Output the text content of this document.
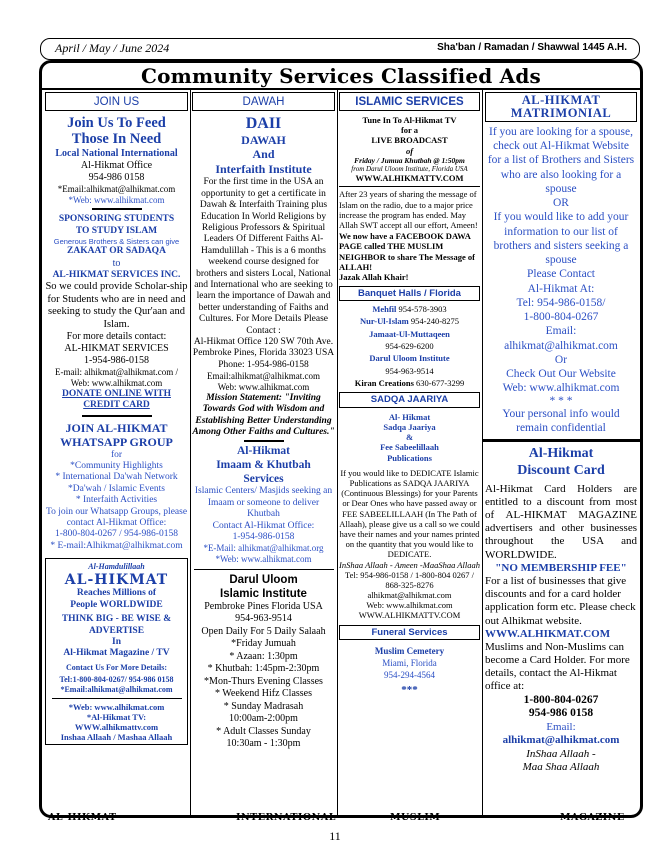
April / May / June 2024	Sha'ban / Ramadan / Shawwal 1445 A.H.
Community Services Classified Ads
JOIN US

Join Us To Feed

Those In Need

Local National International

Al-Hikmat Office

954-986 0158

*Email:alhikmat@alhikmat.com

*Web: www.alhikmat.com

SPONSORING STUDENTS

TO STUDY ISLAM

Generous Brothers & Sisters can give

ZAKAAT OR SADAQA

to

AL-HIKMAT SERVICES INC.

So we could provide Scholar-ship for Students who are in need and seeking to study the Qur'aan and Islam.

For more details contact:

AL-HIKMAT SERVICES

1-954-986-0158

E-mail: alhikmat@alhikmat.com /

Web: www.alhikmat.com

DONATE ONLINE WITH

CREDIT CARD

JOIN AL-HIKMAT

WHATSAPP GROUP

for

*Community Highlights

* International Da'wah Network

*Da'wah / Islamic Events

* Interfaith Activities

To join our Whatsapp Groups, please contact Al-Hikmat Office:

1-800-804-0267 / 954-986-0158

* E-mail:Alhikmat@alhikmat.com

Al-Hamdulillaah

AL-HIKMAT

Reaches Millions of

People WORLDWIDE

THINK BIG - BE WISE &

ADVERTISE

In

Al-Hikmat Magazine / TV

Contact Us For More Details:

Tel:1-800-804-0267/ 954-986 0158

*Email:alhikmat@alhikmat.com

*Web: www.alhikmat.com

*Al-Hikmat TV:

WWW.alhikmattv.com

Inshaa Allaah / Mashaa Allaah

DAWAH

DAII

DAWAH

And

Interfaith Institute

For the first time in the USA an opportunity to get a certificate in Dawah & Interfaith Training plus Education In World Religions by Religious Professors & Spiritual Leaders Of Different Faiths Al-Hamdulillah - This is a 6 months weekend course designed for brothers and sisters Local, National and International who are seeking to learn the importance of Dawah and better understanding of Faiths and Cultures. For More Details Please Contact :

Al-Hikmat Office 120 SW 70th Ave. Pembroke Pines, Florida 33023 USA

Phone: 1-954-986-0158

Email:alhikmat@alhikmat.com

Web: www.alhikmat.com

Mission Statement: "Inviting Towards God with Wisdom and Establishing Better Understanding Among Other Faiths and Cultures."

Al-Hikmat

Imaam & Khutbah

Services

Islamic Centers/ Masjids seeking an Imaam or someone to deliver Khutbah

Contact Al-Hikmat Office:

1-954-986-0158

*E-Mail: alhikmat@alhikmat.org

*Web: www.alhikmat.com

Darul Uloom

Islamic Institute

Pembroke Pines Florida USA

954-963-9514

Open Daily For 5 Daily Salaah

*Friday Jumuah

* Azaan: 1:30pm

* Khutbah: 1:45pm-2:30pm

*Mon-Thurs Evening Classes

* Weekend Hifz Classes

* Sunday Madrasah

10:00am-2:00pm

* Adult Classes Sunday

10:30am - 1:30pm

ISLAMIC SERVICES

Tune In To Al-Hikmat TV

for a

LIVE BROADCAST

of

Friday / Jumua Khutbah @ 1:50pm

from Darul Uloom Institute, Florida USA

WWW.ALHIKMATTV.COM

After 23 years of sharing the message of Islam on the radio, due to a major price increase the program has ended. May Allah SWT accept all our effort, Ameen! We now have a FACEBOOK DAWA PAGE called THE MUSLIM NEIGHBOR to share The Message of ALLAH!

Jazak Allah Khair!

Banquet Halls / Florida

Mehfil 954-578-3903

Nur-Ul-Islam 954-240-8275

Jamaat-Ul-Muttaqeen

954-629-6200

Darul Uloom Institute

954-963-9514

Kiran Creations 630-677-3299

SADQA JAARIYA

Al- Hikmat

Sadqa Jaariya

&

Fee Sabeelillaah

Publications

If you would like to DEDICATE Islamic Publications as SADQA JAARIYA (Continuous Blessings) for your Parents or Dear Ones who have passed away or FEE SABEELILLAAH (In The Path of Allaah), please give us a call so we could have their names and your names printed on the quantity that you would like to DEDICATE.

InShaa Allaah - Ameen -MaaShaa Allaah

Tel: 954-986-0158 / 1-800-804 0267 / 868-325-8276

alhikmat@alhikmat.com

Web: www.alhikmat.com

WWW.ALHIKMATTV.COM

Funeral Services

Muslim Cemetery

Miami, Florida

954-294-4564

***

AL-HIKMAT
MATRIMONIAL

If you are looking for a spouse, check out Al-Hikmat Website for a list of Brothers and Sisters who are also looking for a spouse

OR

If you would like to add your information to our list of brothers and sisters seeking a spouse

Please Contact

Al-Hikmat At:

Tel: 954-986-0158/

1-800-804-0267

Email:

alhikmat@alhikmat.com

Or

Check Out Our Website

Web: www.alhikmat.com

* * *

Your personal info would

remain confidential

Al-Hikmat

Discount Card

Al-Hikmat Card Holders are entitled to a discount from most of AL-HIKMAT MAGAZINE advertisers and other businesses throughout the USA and WORLDWIDE.

"NO MEMBERSHIP FEE"

For a list of businesses that give discounts and for a card holder application form etc. Please check out Alhikmat website.

WWW.ALHIKMAT.COM

Muslims and Non-Muslims can become a Card Holder. For more details, contact the Al-Hikmat office at:

1-800-804-0267

954-986 0158

Email:

alhikmat@alhikmat.com

InShaa Allaah -

Maa Shaa Allaah

AL-HIKMAT	INTERNATIONAL	MUSLIM	MAGAZINE
11
